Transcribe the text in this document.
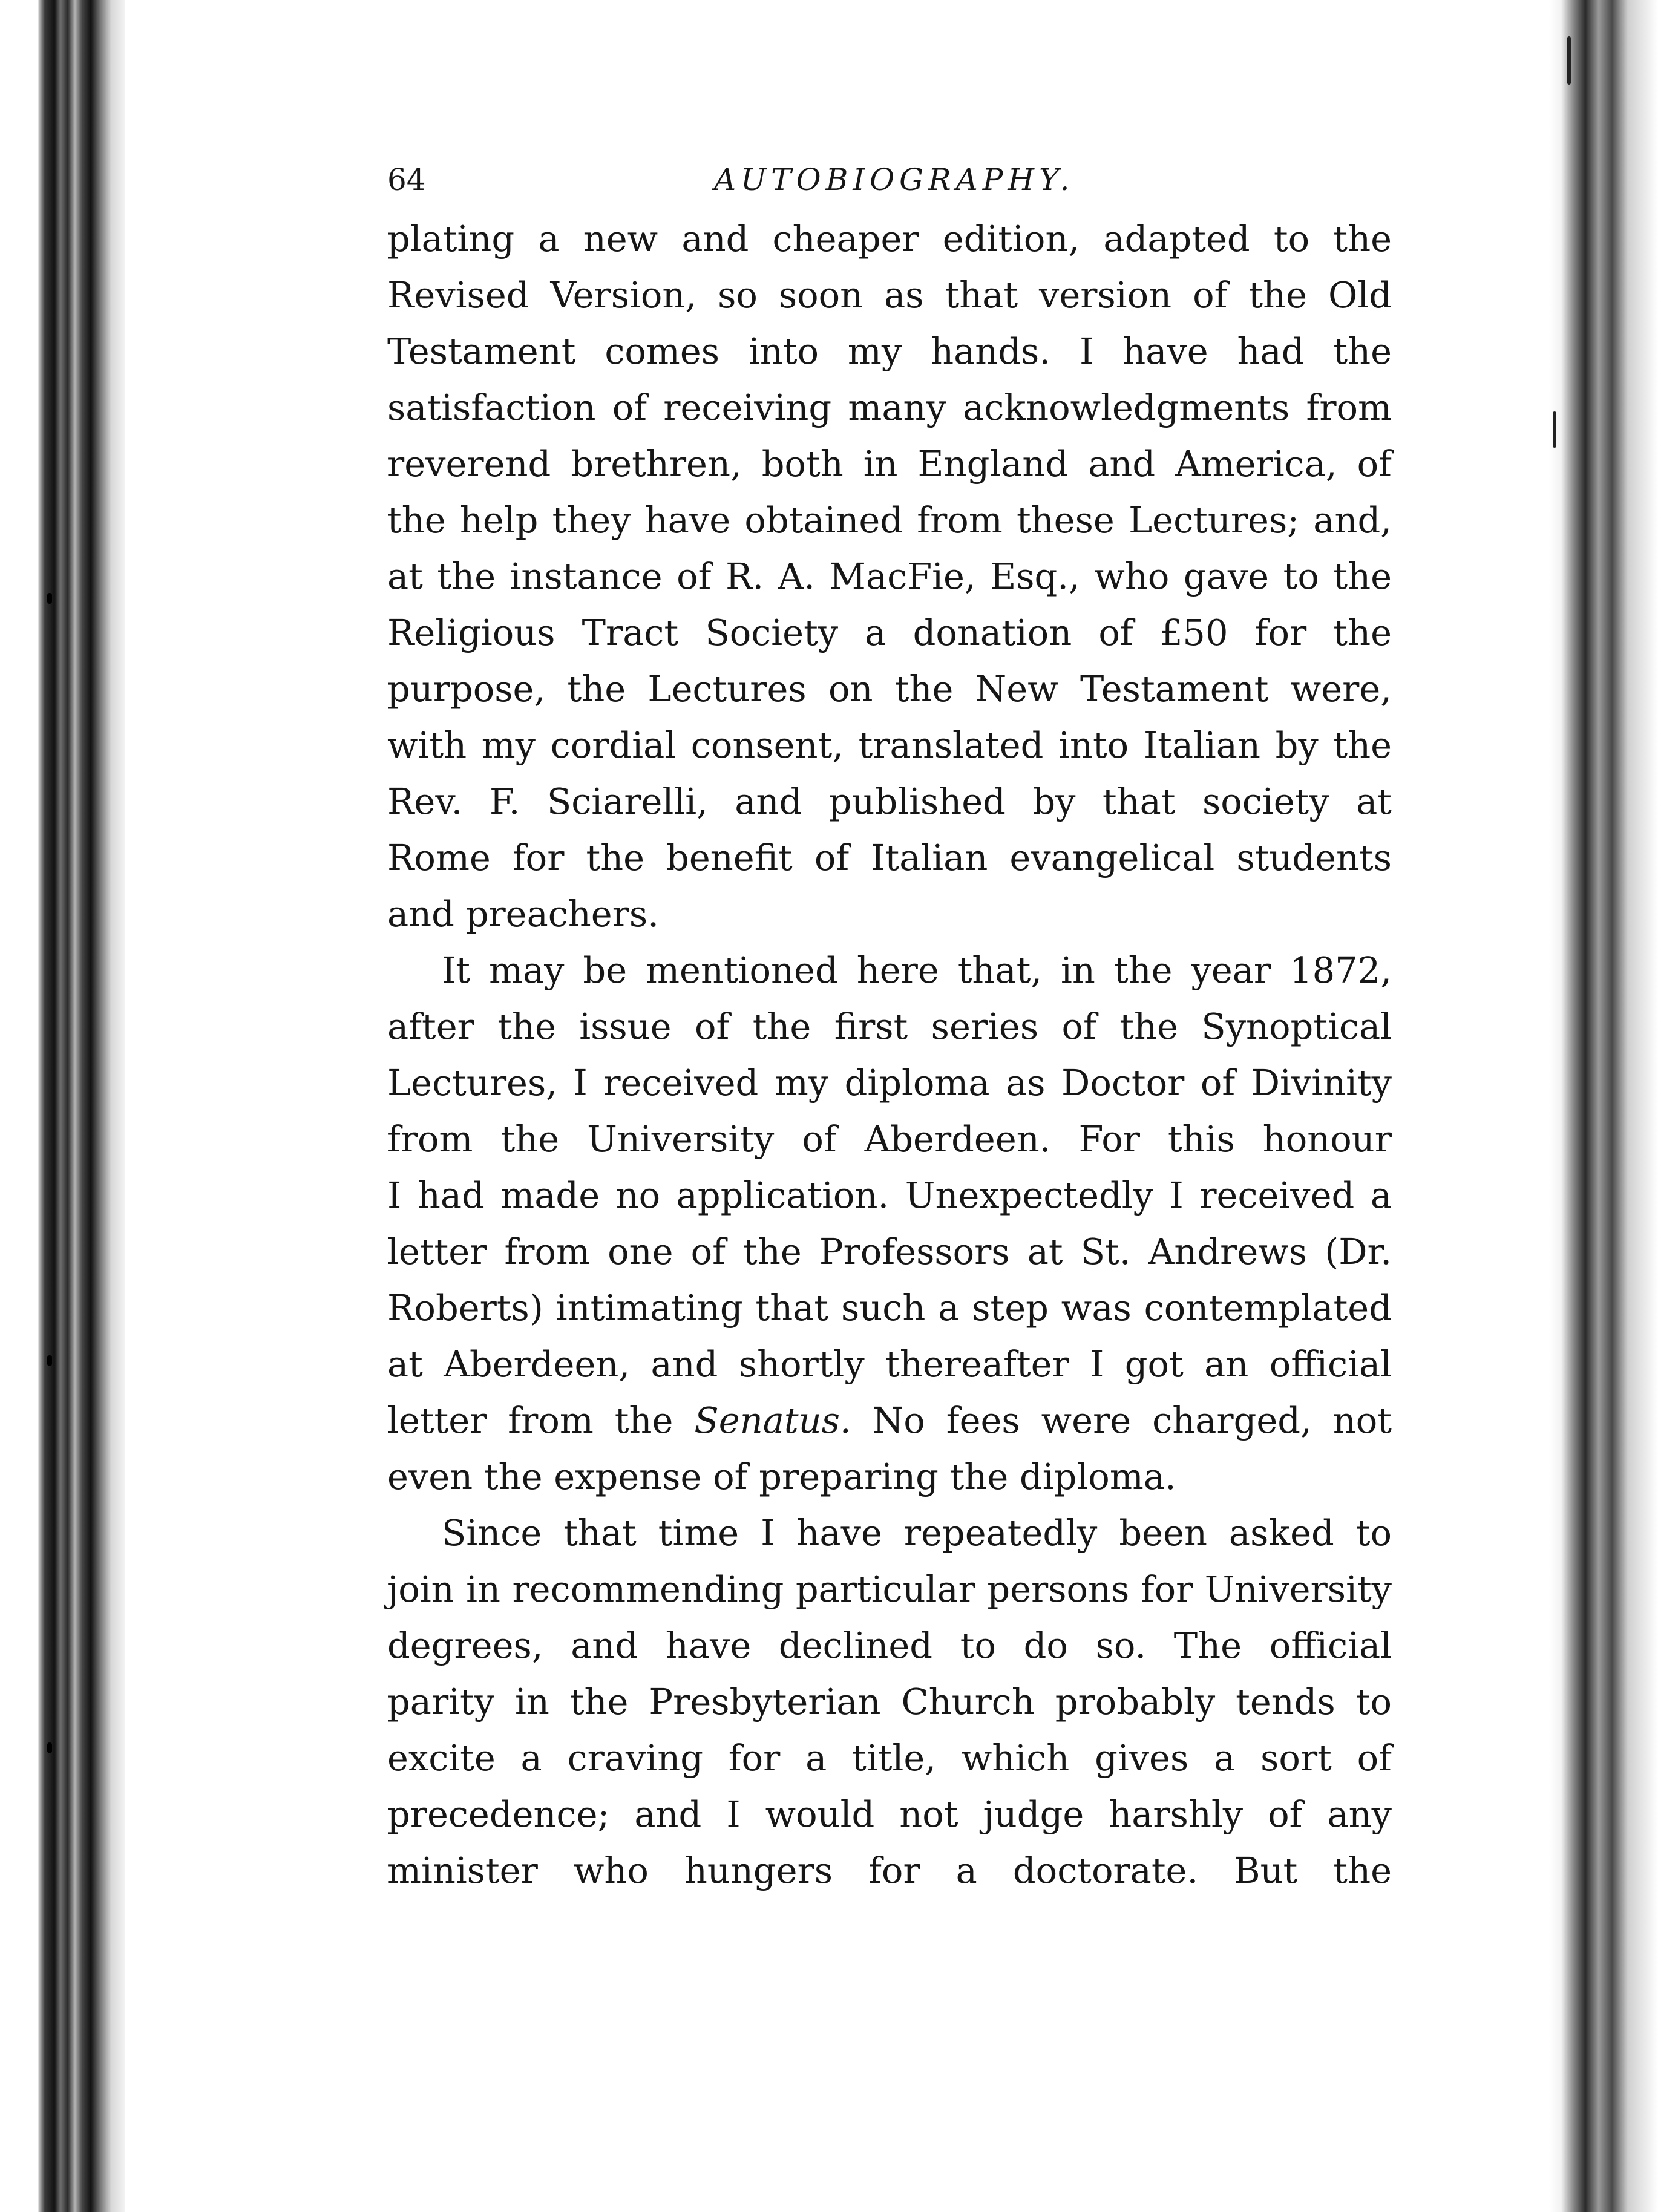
64	AUTOBIOGRAPHY.
plating a new and cheaper edition, adapted to the
Revised Version, so soon as that version of the Old
Testament comes into my hands. I have had the
satisfaction of receiving many acknowledgments from
reverend brethren, both in England and America, of
the help they have obtained from these Lectures; and,
at the instance of R. A. MacFie, Esq., who gave to the
Religious Tract Society a donation of £50 for the
purpose, the Lectures on the New Testament were,
with my cordial consent, translated into Italian by the
Rev. F. Sciarelli, and published by that society at
Rome for the benefit of Italian evangelical students
and preachers.
It may be mentioned here that, in the year 1872,
after the issue of the first series of the Synoptical
Lectures, I received my diploma as Doctor of Divinity
from the University of Aberdeen. For this honour
I had made no application. Unexpectedly I received a
letter from one of the Professors at St. Andrews (Dr.
Roberts) intimating that such a step was contemplated
at Aberdeen, and shortly thereafter I got an official
letter from the Senatus. No fees were charged, not
even the expense of preparing the diploma.
Since that time I have repeatedly been asked to
join in recommending particular persons for University
degrees, and have declined to do so. The official
parity in the Presbyterian Church probably tends to
excite a craving for a title, which gives a sort of
precedence; and I would not judge harshly of any
minister who hungers for a doctorate. But the
